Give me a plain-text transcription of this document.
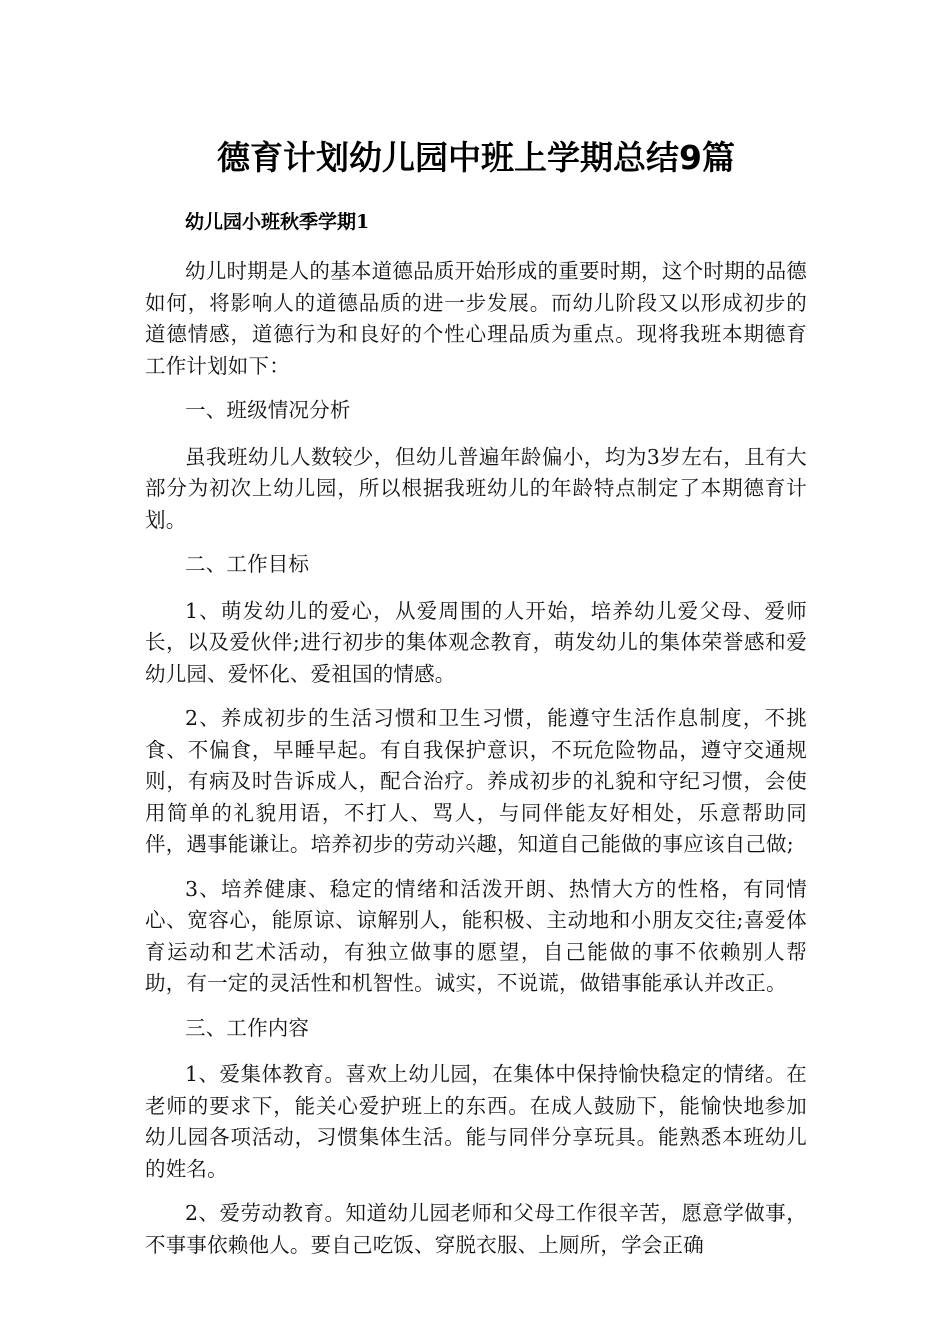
德育计划幼儿园中班上学期总结9篇
幼儿园小班秋季学期1

幼儿时期是人的基本道德品质开始形成的重要时期，这个时期的品德如何，将影响人的道德品质的进一步发展。而幼儿阶段又以形成初步的道德情感，道德行为和良好的个性心理品质为重点。现将我班本期德育工作计划如下：

一、班级情况分析

虽我班幼儿人数较少，但幼儿普遍年龄偏小，均为3岁左右，且有大部分为初次上幼儿园，所以根据我班幼儿的年龄特点制定了本期德育计划。

二、工作目标

1、萌发幼儿的爱心，从爱周围的人开始，培养幼儿爱父母、爱师长，以及爱伙伴;进行初步的集体观念教育，萌发幼儿的集体荣誉感和爱幼儿园、爱怀化、爱祖国的情感。

2、养成初步的生活习惯和卫生习惯，能遵守生活作息制度，不挑食、不偏食，早睡早起。有自我保护意识，不玩危险物品，遵守交通规则，有病及时告诉成人，配合治疗。养成初步的礼貌和守纪习惯，会使用简单的礼貌用语，不打人、骂人，与同伴能友好相处，乐意帮助同伴，遇事能谦让。培养初步的劳动兴趣，知道自己能做的事应该自己做;

3、培养健康、稳定的情绪和活泼开朗、热情大方的性格，有同情心、宽容心，能原谅、谅解别人，能积极、主动地和小朋友交往;喜爱体育运动和艺术活动，有独立做事的愿望，自己能做的事不依赖别人帮助，有一定的灵活性和机智性。诚实，不说谎，做错事能承认并改正。

三、工作内容

1、爱集体教育。喜欢上幼儿园，在集体中保持愉快稳定的情绪。在老师的要求下，能关心爱护班上的东西。在成人鼓励下，能愉快地参加幼儿园各项活动，习惯集体生活。能与同伴分享玩具。能熟悉本班幼儿的姓名。

2、爱劳动教育。知道幼儿园老师和父母工作很辛苦，愿意学做事，不事事依赖他人。要自己吃饭、穿脱衣服、上厕所，学会正确
